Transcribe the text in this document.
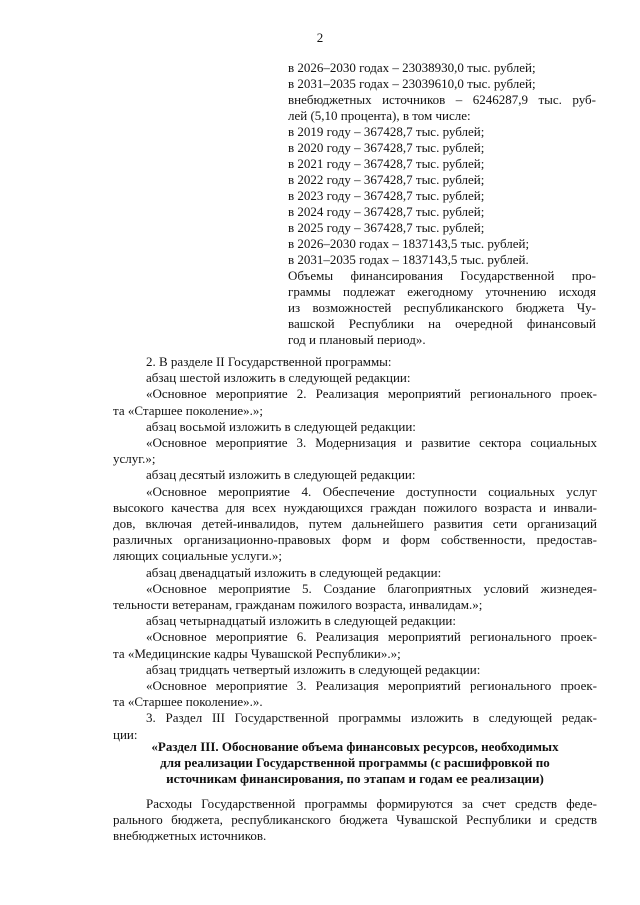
2

в 2026–2030 годах – 23038930,0 тыс. рублей;

в 2031–2035 годах – 23039610,0 тыс. рублей;

внебюджетных источников – 6246287,9 тыс. руб-

лей (5,10 процента), в том числе:

в 2019 году – 367428,7 тыс. рублей;

в 2020 году – 367428,7 тыс. рублей;

в 2021 году – 367428,7 тыс. рублей;

в 2022 году – 367428,7 тыс. рублей;

в 2023 году – 367428,7 тыс. рублей;

в 2024 году – 367428,7 тыс. рублей;

в 2025 году – 367428,7 тыс. рублей;

в 2026–2030 годах – 1837143,5 тыс. рублей;

в 2031–2035 годах – 1837143,5 тыс. рублей.

Объемы финансирования Государственной про-

граммы подлежат ежегодному уточнению исходя

из возможностей республиканского бюджета Чу-

вашской Республики на очередной финансовый

год и плановый период».

2. В разделе II Государственной программы:

абзац шестой изложить в следующей редакции:

«Основное мероприятие 2. Реализация мероприятий регионального проек-

та «Старшее поколение».»;

абзац восьмой изложить в следующей редакции:

«Основное мероприятие 3. Модернизация и развитие сектора социальных

услуг.»;

абзац десятый изложить в следующей редакции:

«Основное мероприятие 4. Обеспечение доступности социальных услуг

высокого качества для всех нуждающихся граждан пожилого возраста и инвали-

дов, включая детей-инвалидов, путем дальнейшего развития сети организаций

различных организационно-правовых форм и форм собственности, предостав-

ляющих социальные услуги.»;

абзац двенадцатый изложить в следующей редакции:

«Основное мероприятие 5. Создание благоприятных условий жизнедея-

тельности ветеранам, гражданам пожилого возраста, инвалидам.»;

абзац четырнадцатый изложить в следующей редакции:

«Основное мероприятие 6. Реализация мероприятий регионального проек-

та «Медицинские кадры Чувашской Республики».»;

абзац тридцать четвертый изложить в следующей редакции:

«Основное мероприятие 3. Реализация мероприятий регионального проек-

та «Старшее поколение».».

3. Раздел III Государственной программы изложить в следующей редак-

ции:

«Раздел III. Обоснование объема финансовых ресурсов, необходимых
для реализации Государственной программы (с расшифровкой по
источникам финансирования, по этапам и годам ее реализации)

Расходы Государственной программы формируются за счет средств феде-

рального бюджета, республиканского бюджета Чувашской Республики и средств

внебюджетных источников.
